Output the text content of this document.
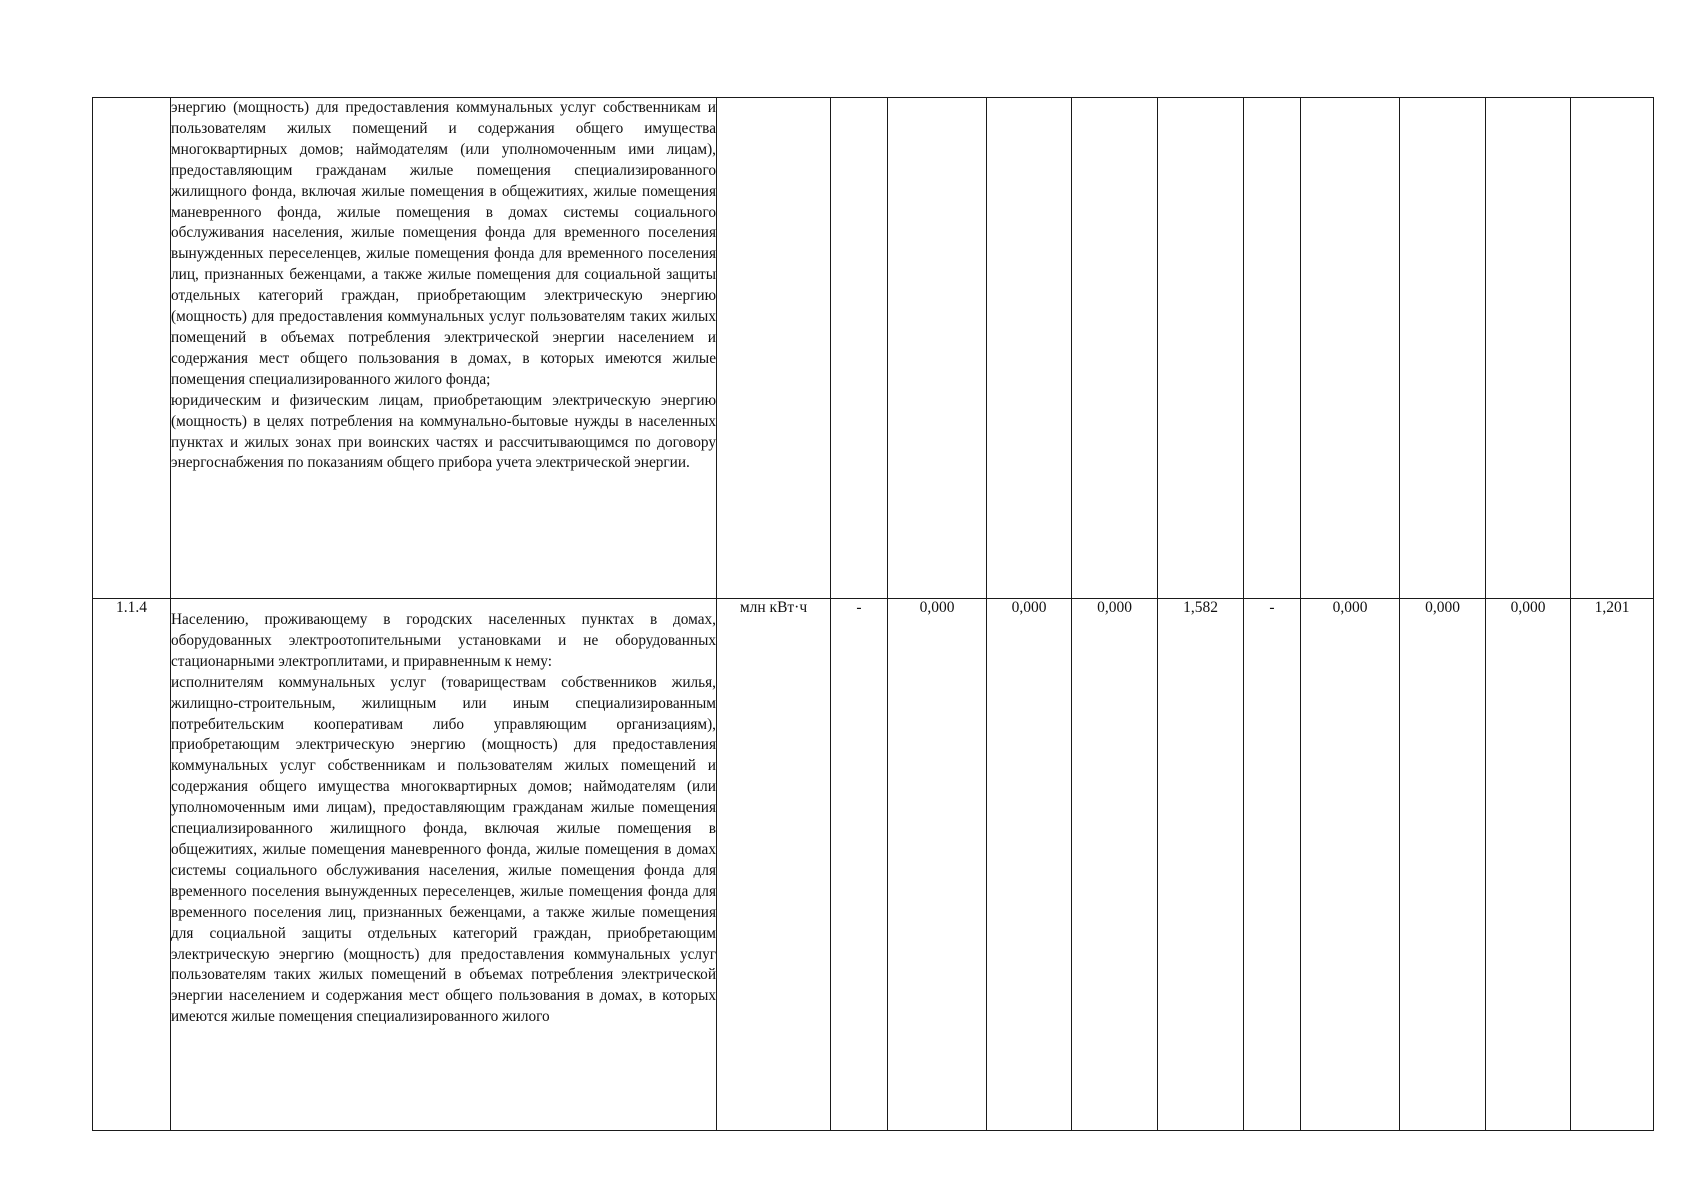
	энергию (мощность) для предоставления коммунальных услуг собственникам и пользователям жилых помещений и содержания общего имущества многоквартирных домов; наймодателям (или уполномоченным ими лицам), предоставляющим гражданам жилые помещения специализированного жилищного фонда, включая жилые помещения в общежитиях, жилые помещения маневренного фонда, жилые помещения в домах системы социального обслуживания населения, жилые помещения фонда для временного поселения вынужденных переселенцев, жилые помещения фонда для временного поселения лиц, признанных беженцами, а также жилые помещения для социальной защиты отдельных категорий граждан, приобретающим электрическую энергию (мощность) для предоставления коммунальных услуг пользователям таких жилых помещений в объемах потребления электрической энергии населением и содержания мест общего пользования в домах, в которых имеются жилые помещения специализированного жилого фонда;

юридическим и физическим лицам, приобретающим электрическую энергию (мощность) в целях потребления на коммунально-бытовые нужды в населенных пунктах и жилых зонах при воинских частях и рассчитывающимся по договору энергоснабжения по показаниям общего прибора учета электрической энергии.											

1.1.4	Населению, проживающему в городских населенных пунктах в домах, оборудованных электроотопительными установками и не оборудованных стационарными электроплитами, и приравненным к нему:

исполнителям коммунальных услуг (товариществам собственников жилья, жилищно-строительным, жилищным или иным специализированным потребительским кооперативам либо управляющим организациям), приобретающим электрическую энергию (мощность) для предоставления коммунальных услуг собственникам и пользователям жилых помещений и содержания общего имущества многоквартирных домов; наймодателям (или уполномоченным ими лицам), предоставляющим гражданам жилые помещения специализированного жилищного фонда, включая жилые помещения в общежитиях, жилые помещения маневренного фонда, жилые помещения в домах системы социального обслуживания населения, жилые помещения фонда для временного поселения вынужденных переселенцев, жилые помещения фонда для временного поселения лиц, признанных беженцами, а также жилые помещения для социальной защиты отдельных категорий граждан, приобретающим электрическую энергию (мощность) для предоставления коммунальных услуг пользователям таких жилых помещений в объемах потребления электрической энергии населением и содержания мест общего пользования в домах, в которых имеются жилые помещения специализированного жилого	млн кВт·ч	-	0,000	0,000	0,000	1,582	-	0,000	0,000	0,000	1,201
